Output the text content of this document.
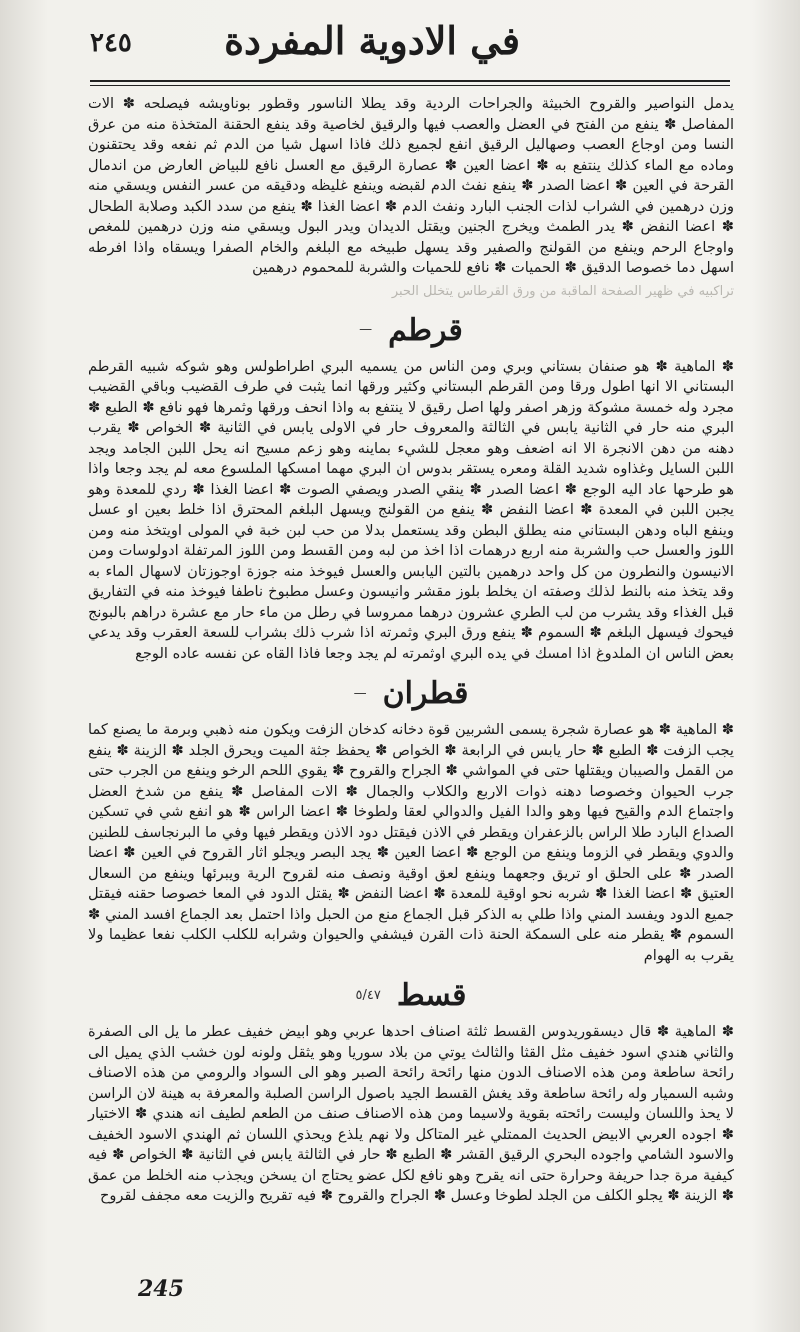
في الادوية المفردة
٢٤٥

يدمل النواصير والقروح الخبيثة والجراحات الردية وقد يطلا الناسور وقطور بوناويشه فيصلحه ✽ الات المفاصل ✽ ينفع من الفتح في العضل والعصب فيها والرقيق لخاصية وقد ينفع الحقنة المتخذة منه من عرق النسا ومن اوجاع العصب وصهاليل الرقيق انفع لجميع ذلك فاذا اسهل شيا من الدم ثم نفعه وقد يحتقنون وماده مع الماء كذلك ينتفع به ✽ اعضا العين ✽ عصارة الرقيق مع العسل نافع للبياض العارض من اندمال القرحة في العين ✽ اعضا الصدر ✽ ينفع نفث الدم لقبضه وينفع غليظه ودقيقه من عسر النفس ويسقي منه وزن درهمين في الشراب لذات الجنب البارد ونفث الدم ✽ اعضا الغذا ✽ ينفع من سدد الكبد وصلابة الطحال ✽ اعضا النفض ✽ يدر الطمث ويخرج الجنين ويقتل الديدان ويدر البول ويسقي منه وزن درهمين للمغص واوجاع الرحم وينفع من القولنج والصفير وقد يسهل طبيخه مع البلغم والخام الصفرا ويسقاه واذا افرطه اسهل دما خصوصا الدقيق ✽ الحميات ✽ نافع للحميات والشربة للمحموم درهمين

تراكبيه في ظهير الصفحة الماقبة من ورق القرطاس يتخلل الحبر
قرطم
—

✽ الماهية ✽ هو صنفان بستاني وبري ومن الناس من يسميه البري اطراطولس وهو شوكه شبيه القرطم البستاني الا انها اطول ورقا ومن القرطم البستاني وكثير ورقها انما يثبت في طرف القضيب وباقي القضيب مجرد وله خمسة مشوكة وزهر اصفر ولها اصل رقيق لا ينتفع به واذا انحف ورقها وثمرها فهو نافع ✽ الطبع ✽ البري منه حار في الثانية يابس في الثالثة والمعروف حار في الاولى يابس في الثانية ✽ الخواص ✽ يقرب دهنه من دهن الانجرة الا انه اضعف وهو معجل للشيء بماينه وهو زعم مسيح انه يحل اللبن الجامد ويجد اللبن السايل وغذاوه شديد القلة ومعره يستقر بدوس ان البري مهما امسكها الملسوع معه لم يجد وجعا واذا هو طرحها عاد اليه الوجع ✽ اعضا الصدر ✽ ينقي الصدر ويصفي الصوت ✽ اعضا الغذا ✽ ردي للمعدة وهو يجبن اللبن في المعدة ✽ اعضا النفض ✽ ينفع من القولنج ويسهل البلغم المحترق اذا خلط بعين او عسل وينفع الباه ودهن البستاني منه يطلق البطن وقد يستعمل بدلا من حب لبن خبة في المولى اويتخذ منه ومن اللوز والعسل حب والشربة منه اربع درهمات اذا اخذ من لبه ومن القسط ومن اللوز المرتفلة ادولوسات ومن الانيسون والنطرون من كل واحد درهمين بالتين اليابس والعسل فيوخذ منه جوزة اوجوزتان لاسهال الماء به وقد يتخذ منه بالنط لذلك وصفته ان يخلط بلوز مقشر وانيسون وعسل مطبوخ ناطفا فيوخذ منه في التفاريق قبل الغذاء وقد يشرب من لب الطري عشرون درهما ممروسا في رطل من ماء حار مع عشرة دراهم بالبونج فيحوك فيسهل البلغم ✽ السموم ✽ ينفع ورق البري وثمرته اذا شرب ذلك بشراب للسعة العقرب وقد يدعي بعض الناس ان الملدوغ اذا امسك في يده البري اوثمرته لم يجد وجعا فاذا القاه عن نفسه عاده الوجع

قطران
—

✽ الماهية ✽ هو عصارة شجرة يسمى الشربين قوة دخانه كدخان الزفت ويكون منه ذهبي وبرمة ما يصنع كما يجب الزفت ✽ الطبع ✽ حار يابس في الرابعة ✽ الخواص ✽ يحفظ جثة الميت ويحرق الجلد ✽ الزينة ✽ ينفع من القمل والصيبان ويقتلها حتى في المواشي ✽ الجراح والقروح ✽ يقوي اللحم الرخو وينفع من الجرب حتى جرب الحيوان وخصوصا دهنه ذوات الاربع والكلاب والجمال ✽ الات المفاصل ✽ ينفع من شدخ العضل واجتماع الدم والقيح فيها وهو والدا الفيل والدوالي لعقا ولطوخا ✽ اعضا الراس ✽ هو انفع شي في تسكين الصداع البارد طلا الراس بالزعفران ويقطر في الاذن فيقتل دود الاذن ويقطر فيها وفي ما البرنجاسف للطنين والدوي ويقطر في الزوما وينفع من الوجع ✽ اعضا العين ✽ يجد البصر ويجلو اثار القروح في العين ✽ اعضا الصدر ✽ على الحلق او تريق وجعهما وينفع لعق اوقية ونصف منه لقروح الرية ويبرئها وينفع من السعال العتيق ✽ اعضا الغذا ✽ شربه نحو اوقية للمعدة ✽ اعضا النفض ✽ يقتل الدود في المعا خصوصا حقنه فيقتل جميع الدود ويفسد المني واذا طلي به الذكر قبل الجماع منع من الحبل واذا احتمل بعد الجماع افسد المني ✽ السموم ✽ يقطر منه على السمكة الحنة ذات القرن فيشفي والحيوان وشرابه للكلب الكلب نفعا عظيما ولا يقرب به الهوام

قسط
٥/٤٧

✽ الماهية ✽ قال ديسقوريدوس القسط ثلثة اصناف احدها عربي وهو ابيض خفيف عطر ما يل الى الصفرة والثاني هندي اسود خفيف مثل القثا والثالث يوتي من بلاد سوريا وهو يثقل ولونه لون خشب الذي يميل الى رائحة ساطعة ومن هذه الاصناف الدون منها رائحة رائحة الصبر وهو الى السواد والرومي من هذه الاصناف وشبه السميار وله رائحة ساطعة وقد يغش القسط الجيد باصول الراسن الصلبة والمعرفة به هينة لان الراسن لا يحذ واللسان وليست رائحته بقوية ولاسيما ومن هذه الاصناف صنف من الطعم لطيف انه هندي ✽ الاختيار ✽ اجوده العربي الابيض الحديث الممتلي غير المتاكل ولا نهم يلذع ويحذي اللسان ثم الهندي الاسود الخفيف والاسود الشامي واجوده البحري الرقيق القشر ✽ الطبع ✽ حار في الثالثة يابس في الثانية ✽ الخواص ✽ فيه كيفية مرة جدا حريفة وحرارة حتى انه يقرح وهو نافع لكل عضو يحتاج ان يسخن ويجذب منه الخلط من عمق ✽ الزينة ✽ يجلو الكلف من الجلد لطوخا وعسل ✽ الجراح والقروح ✽ فيه تقريح والزيت معه مجفف لقروح

245
